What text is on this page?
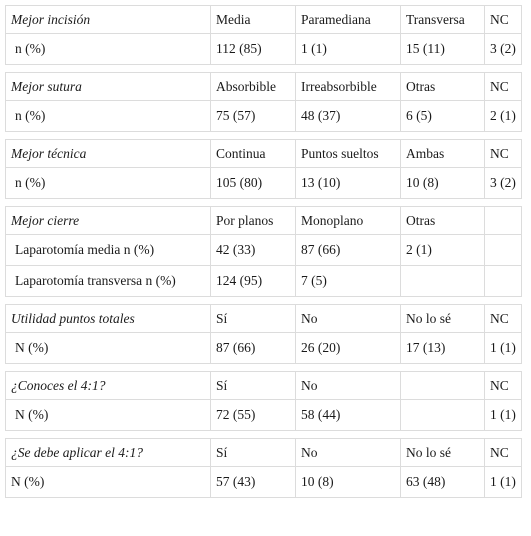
Mejor incisión	Media	Paramediana	Transversa	NC
n (%)	112 (85)	1 (1)	15 (11)	3 (2)

Mejor sutura	Absorbible	Irreabsorbible	Otras	NC
n (%)	75 (57)	48 (37)	6 (5)	2 (1)

Mejor técnica	Continua	Puntos sueltos	Ambas	NC
n (%)	105 (80)	13 (10)	10 (8)	3 (2)

Mejor cierre	Por planos	Monoplano	Otras	
Laparotomía media n (%)	42 (33)	87 (66)	2 (1)	
Laparotomía transversa n (%)	124 (95)	7 (5)		

Utilidad puntos totales	Sí	No	No lo sé	NC
N (%)	87 (66)	26 (20)	17 (13)	1 (1)

¿Conoces el 4:1?	Sí	No		NC
N (%)	72 (55)	58 (44)		1 (1)

¿Se debe aplicar el 4:1?	Sí	No	No lo sé	NC
N (%)	57 (43)	10 (8)	63 (48)	1 (1)
